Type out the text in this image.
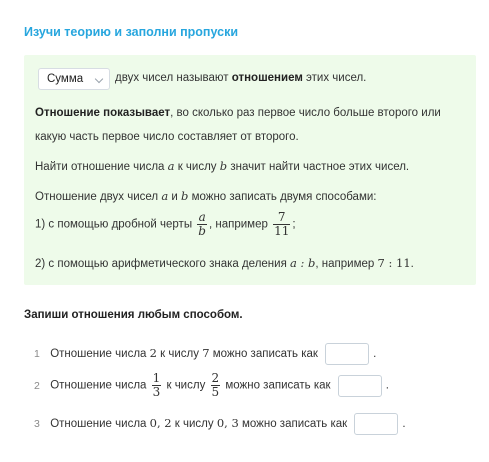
Изучи теорию и заполни пропуски
Сумма	двух чисел называют отношением этих чисел.
Отношение показывает, во сколько раз первое число больше второго или
какую часть первое число составляет от второго.
Найти отношение числа a к числу b значит найти частное этих чисел.
Отношение двух чисел a и b можно записать двумя способами:
1) с помощью дробной черты $\frac{a}{b}$ , например $\frac{7}{11}$ ;
2) с помощью арифметического знака деления a : b, например 7 : 11.
Запиши отношения любым способом.
1 Отношение числа 2 к числу 7 можно записать как	.
2 Отношение числа $\frac{1}{3}$ к числу $\frac{2}{5}$ можно записать как	.
3 Отношение числа 0, 2 к числу 0, 3 можно записать как	.
